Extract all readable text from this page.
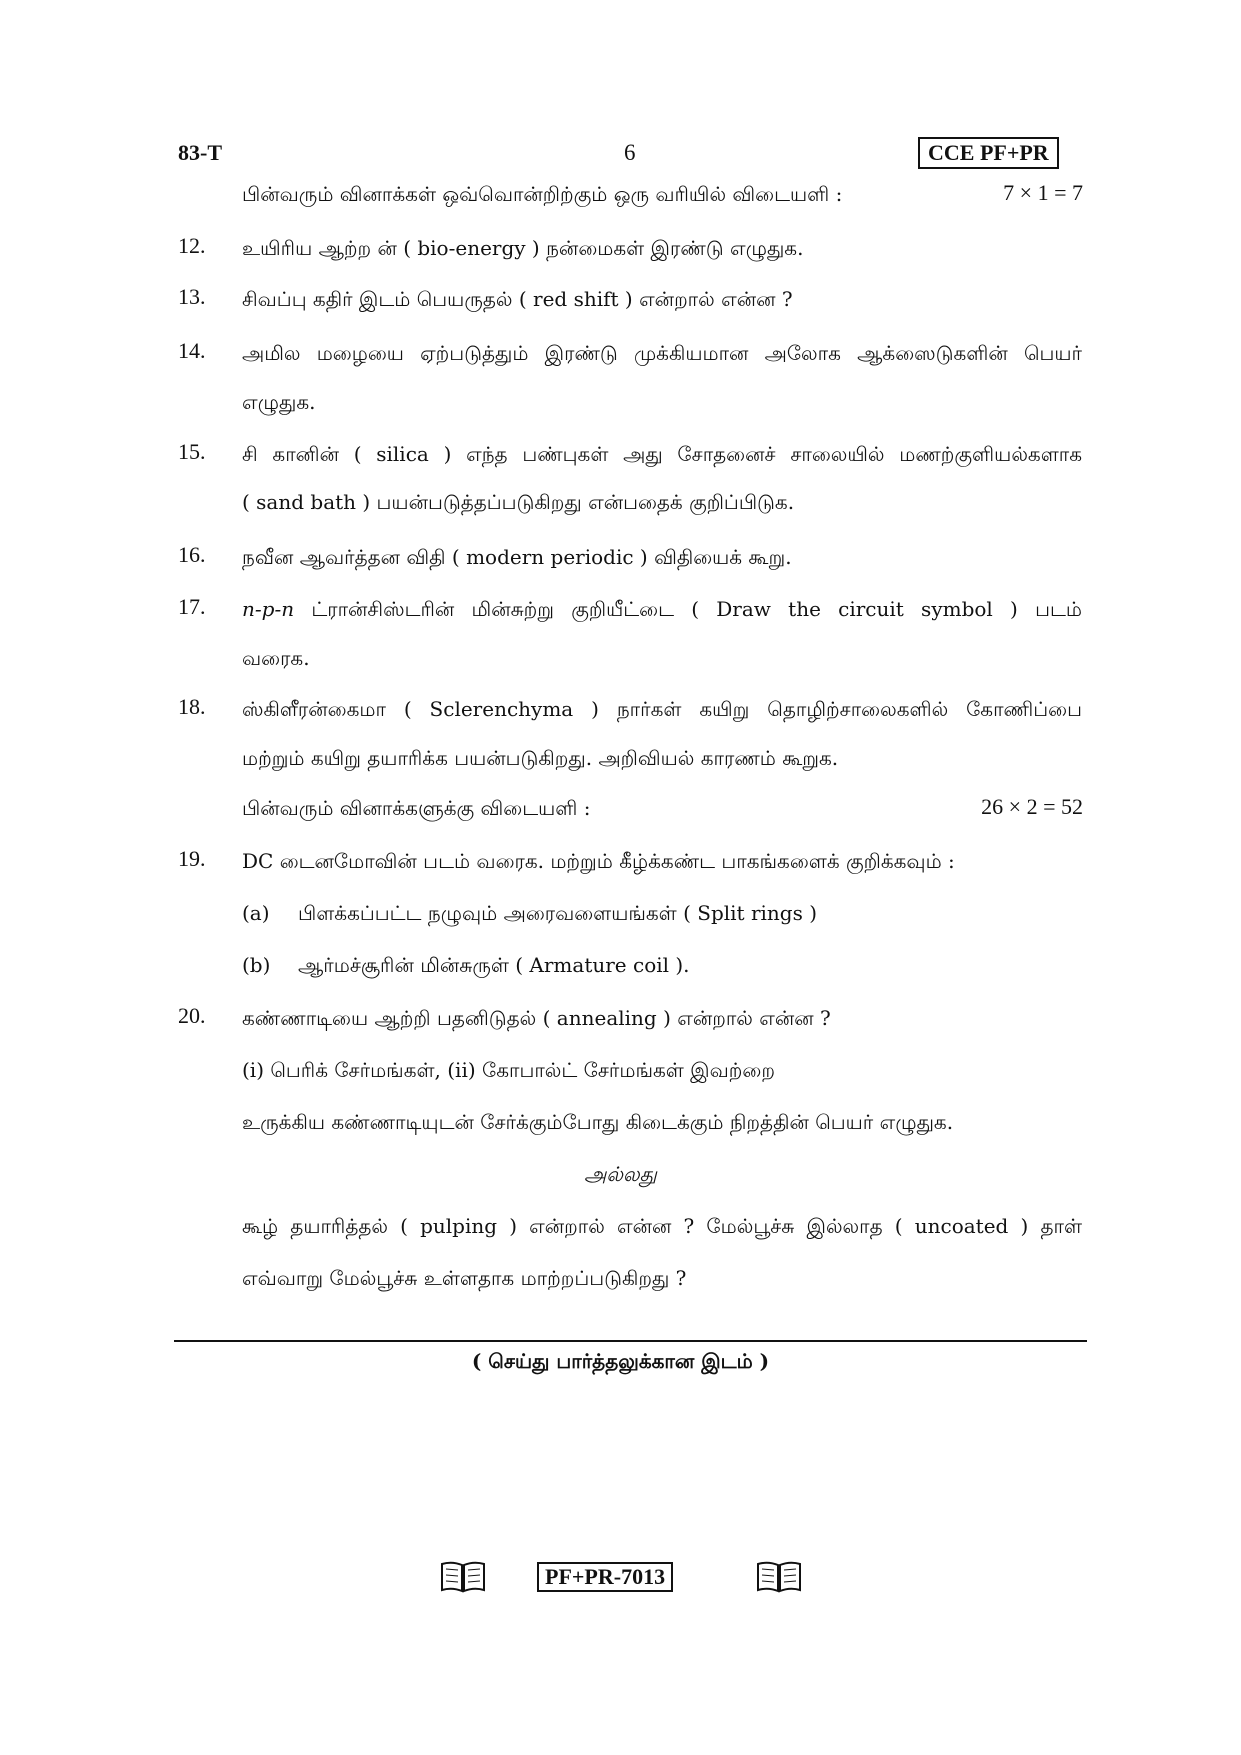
83-T	6	CCE PF+PR
பின்வரும் வினாக்கள் ஒவ்வொன்றிற்கும் ஒரு வரியில் விடையளி :	7 × 1 = 7
12. உயிரிய ஆற்ற ன் ( bio-energy ) நன்மைகள் இரண்டு எழுதுக.
13. சிவப்பு கதிர் இடம் பெயருதல் ( red shift ) என்றால் என்ன ?
14. அமில மழையை ஏற்படுத்தும் இரண்டு முக்கியமான அலோக ஆக்ஸைடுகளின் பெயர்
எழுதுக.
15. சி கானின் ( silica ) எந்த பண்புகள் அது சோதனைச் சாலையில் மணற்குளியல்களாக
( sand bath ) பயன்படுத்தப்படுகிறது என்பதைக் குறிப்பிடுக.
16. நவீன ஆவர்த்தன விதி ( modern periodic ) விதியைக் கூறு.
17. n-p-n ட்ரான்சிஸ்டரின் மின்சுற்று குறியீட்டை ( Draw the circuit symbol ) படம்
வரைக.
18. ஸ்கிளீரன்கைமா ( Sclerenchyma ) நார்கள் கயிறு தொழிற்சாலைகளில் கோணிப்பை
மற்றும் கயிறு தயாரிக்க பயன்படுகிறது. அறிவியல் காரணம் கூறுக.
பின்வரும் வினாக்களுக்கு விடையளி :	26 × 2 = 52
19. DC டைனமோவின் படம் வரைக. மற்றும் கீழ்க்கண்ட பாகங்களைக் குறிக்கவும் :
(a) பிளக்கப்பட்ட நழுவும் அரைவளையங்கள் ( Split rings )
(b) ஆர்மச்சூரின் மின்சுருள் ( Armature coil ).
20. கண்ணாடியை ஆற்றி பதனிடுதல் ( annealing ) என்றால் என்ன ?
(i) பெரிக் சேர்மங்கள், (ii) கோபால்ட் சேர்மங்கள் இவற்றை
உருக்கிய கண்ணாடியுடன் சேர்க்கும்போது கிடைக்கும் நிறத்தின் பெயர் எழுதுக.
அல்லது
கூழ் தயாரித்தல் ( pulping ) என்றால் என்ன ? மேல்பூச்சு இல்லாத ( uncoated ) தாள்
எவ்வாறு மேல்பூச்சு உள்ளதாக மாற்றப்படுகிறது ?
( செய்து பார்த்தலுக்கான இடம் )
PF+PR-7013
